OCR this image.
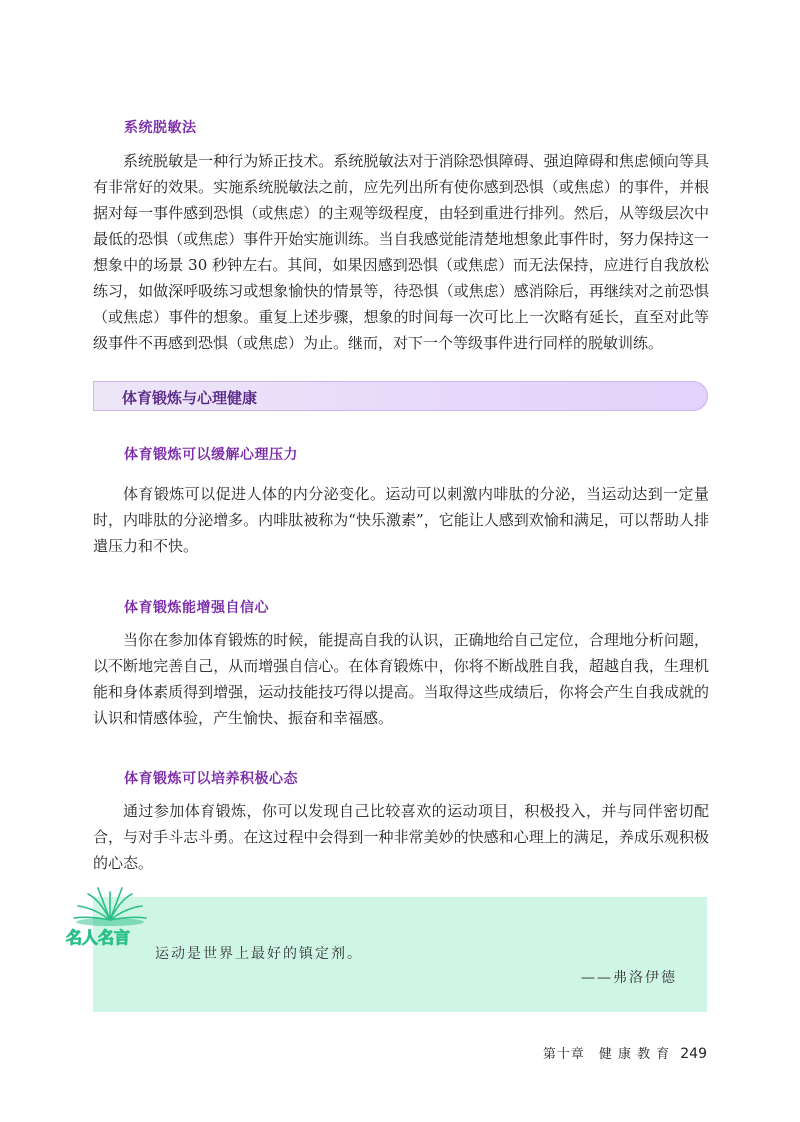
系统脱敏法
系统脱敏是一种行为矫正技术。系统脱敏法对于消除恐惧障碍、强迫障碍和焦虑倾向等具有非常好的效果。实施系统脱敏法之前，应先列出所有使你感到恐惧（或焦虑）的事件，并根据对每一事件感到恐惧（或焦虑）的主观等级程度，由轻到重进行排列。然后，从等级层次中最低的恐惧（或焦虑）事件开始实施训练。当自我感觉能清楚地想象此事件时，努力保持这一想象中的场景 30 秒钟左右。其间，如果因感到恐惧（或焦虑）而无法保持，应进行自我放松练习，如做深呼吸练习或想象愉快的情景等，待恐惧（或焦虑）感消除后，再继续对之前恐惧（或焦虑）事件的想象。重复上述步骤，想象的时间每一次可比上一次略有延长，直至对此等级事件不再感到恐惧（或焦虑）为止。继而，对下一个等级事件进行同样的脱敏训练。
体育锻炼与心理健康
体育锻炼可以缓解心理压力
体育锻炼可以促进人体的内分泌变化。运动可以刺激内啡肽的分泌，当运动达到一定量时，内啡肽的分泌增多。内啡肽被称为“快乐激素”，它能让人感到欢愉和满足，可以帮助人排遣压力和不快。
体育锻炼能增强自信心
当你在参加体育锻炼的时候，能提高自我的认识，正确地给自己定位，合理地分析问题，以不断地完善自己，从而增强自信心。在体育锻炼中，你将不断战胜自我，超越自我，生理机能和身体素质得到增强，运动技能技巧得以提高。当取得这些成绩后，你将会产生自我成就的认识和情感体验，产生愉快、振奋和幸福感。
体育锻炼可以培养积极心态
通过参加体育锻炼，你可以发现自己比较喜欢的运动项目，积极投入，并与同伴密切配合，与对手斗志斗勇。在这过程中会得到一种非常美妙的快感和心理上的满足，养成乐观积极的心态。
运动是世界上最好的镇定剂。
——弗洛伊德
名人名言
第十章　健 康 教 育 249
